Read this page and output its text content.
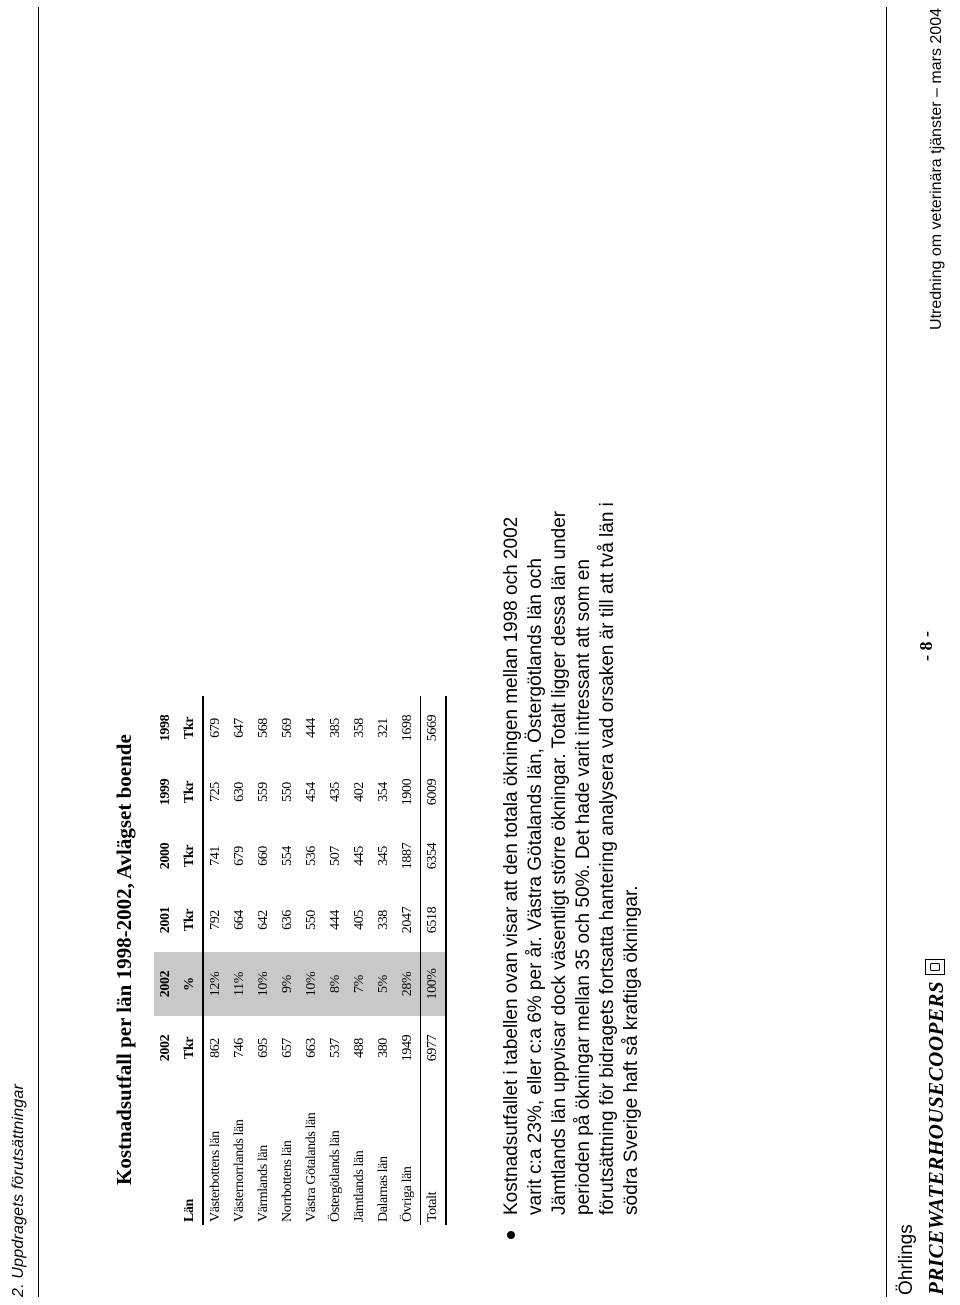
2. Uppdragets förutsättningar
Kostnadsutfall per län 1998-2002, Avlägset boende
	2002	2002	2001	2000	1999	1998
Län	Tkr	%	Tkr	Tkr	Tkr	Tkr
Västerbottens län	862	12%	792	741	725	679
Västernorrlands län	746	11%	664	679	630	647
Värmlands län	695	10%	642	660	559	568
Norrbottens län	657	9%	636	554	550	569
Västra Götalands län	663	10%	550	536	454	444
Östergötlands län	537	8%	444	507	435	385
Jämtlands län	488	7%	405	445	402	358
Dalarnas län	380	5%	338	345	354	321
Övriga län	1949	28%	2047	1887	1900	1698
Totalt	6977	100%	6518	6354	6009	5669	Kostnadsutfallet i tabellen ovan visar att den totala ökningen mellan 1998 och 2002 varit c:a 23%, eller c:a 6% per år. Västra Götalands län, Östergötlands län och Jämtlands län uppvisar dock väsentligt större ökningar. Totalt ligger dessa län under perioden på ökningar mellan 35 och 50%. Det hade varit intressant att som en förutsättning för bidragets fortsatta hantering analysera vad orsaken är till att två län i södra Sverige haft så kraftiga ökningar.
- 8 -
Öhrlings PRICEWATERHOUSECOOPERS
Utredning om veterinära tjänster – mars 2004
